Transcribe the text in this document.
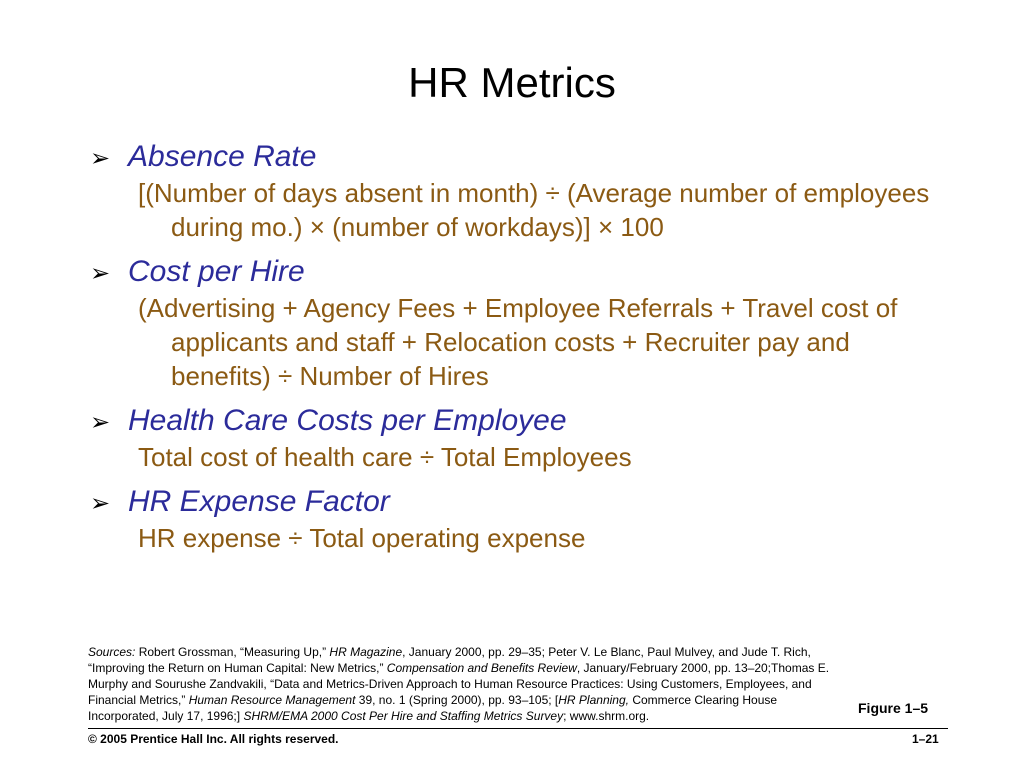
HR Metrics
➢ Absence Rate
[(Number of days absent in month) ÷ (Average number of employees during mo.) × (number of workdays)] × 100
➢ Cost per Hire
(Advertising + Agency Fees + Employee Referrals + Travel cost of applicants and staff + Relocation costs + Recruiter pay and benefits) ÷ Number of Hires
➢ Health Care Costs per Employee
Total cost of health care ÷ Total Employees
➢ HR Expense Factor
HR expense ÷ Total operating expense
Sources: Robert Grossman, “Measuring Up,” HR Magazine, January 2000, pp. 29–35; Peter V. Le Blanc, Paul Mulvey, and Jude T. Rich, “Improving the Return on Human Capital: New Metrics,” Compensation and Benefits Review, January/February 2000, pp. 13–20;Thomas E. Murphy and Sourushe Zandvakili, “Data and Metrics-Driven Approach to Human Resource Practices: Using Customers, Employees, and Financial Metrics,” Human Resource Management 39, no. 1 (Spring 2000), pp. 93–105; [HR Planning, Commerce Clearing House Incorporated, July 17, 1996;] SHRM/EMA 2000 Cost Per Hire and Staffing Metrics Survey; www.shrm.org.	Figure 1–5
© 2005 Prentice Hall Inc. All rights reserved.	1–21
